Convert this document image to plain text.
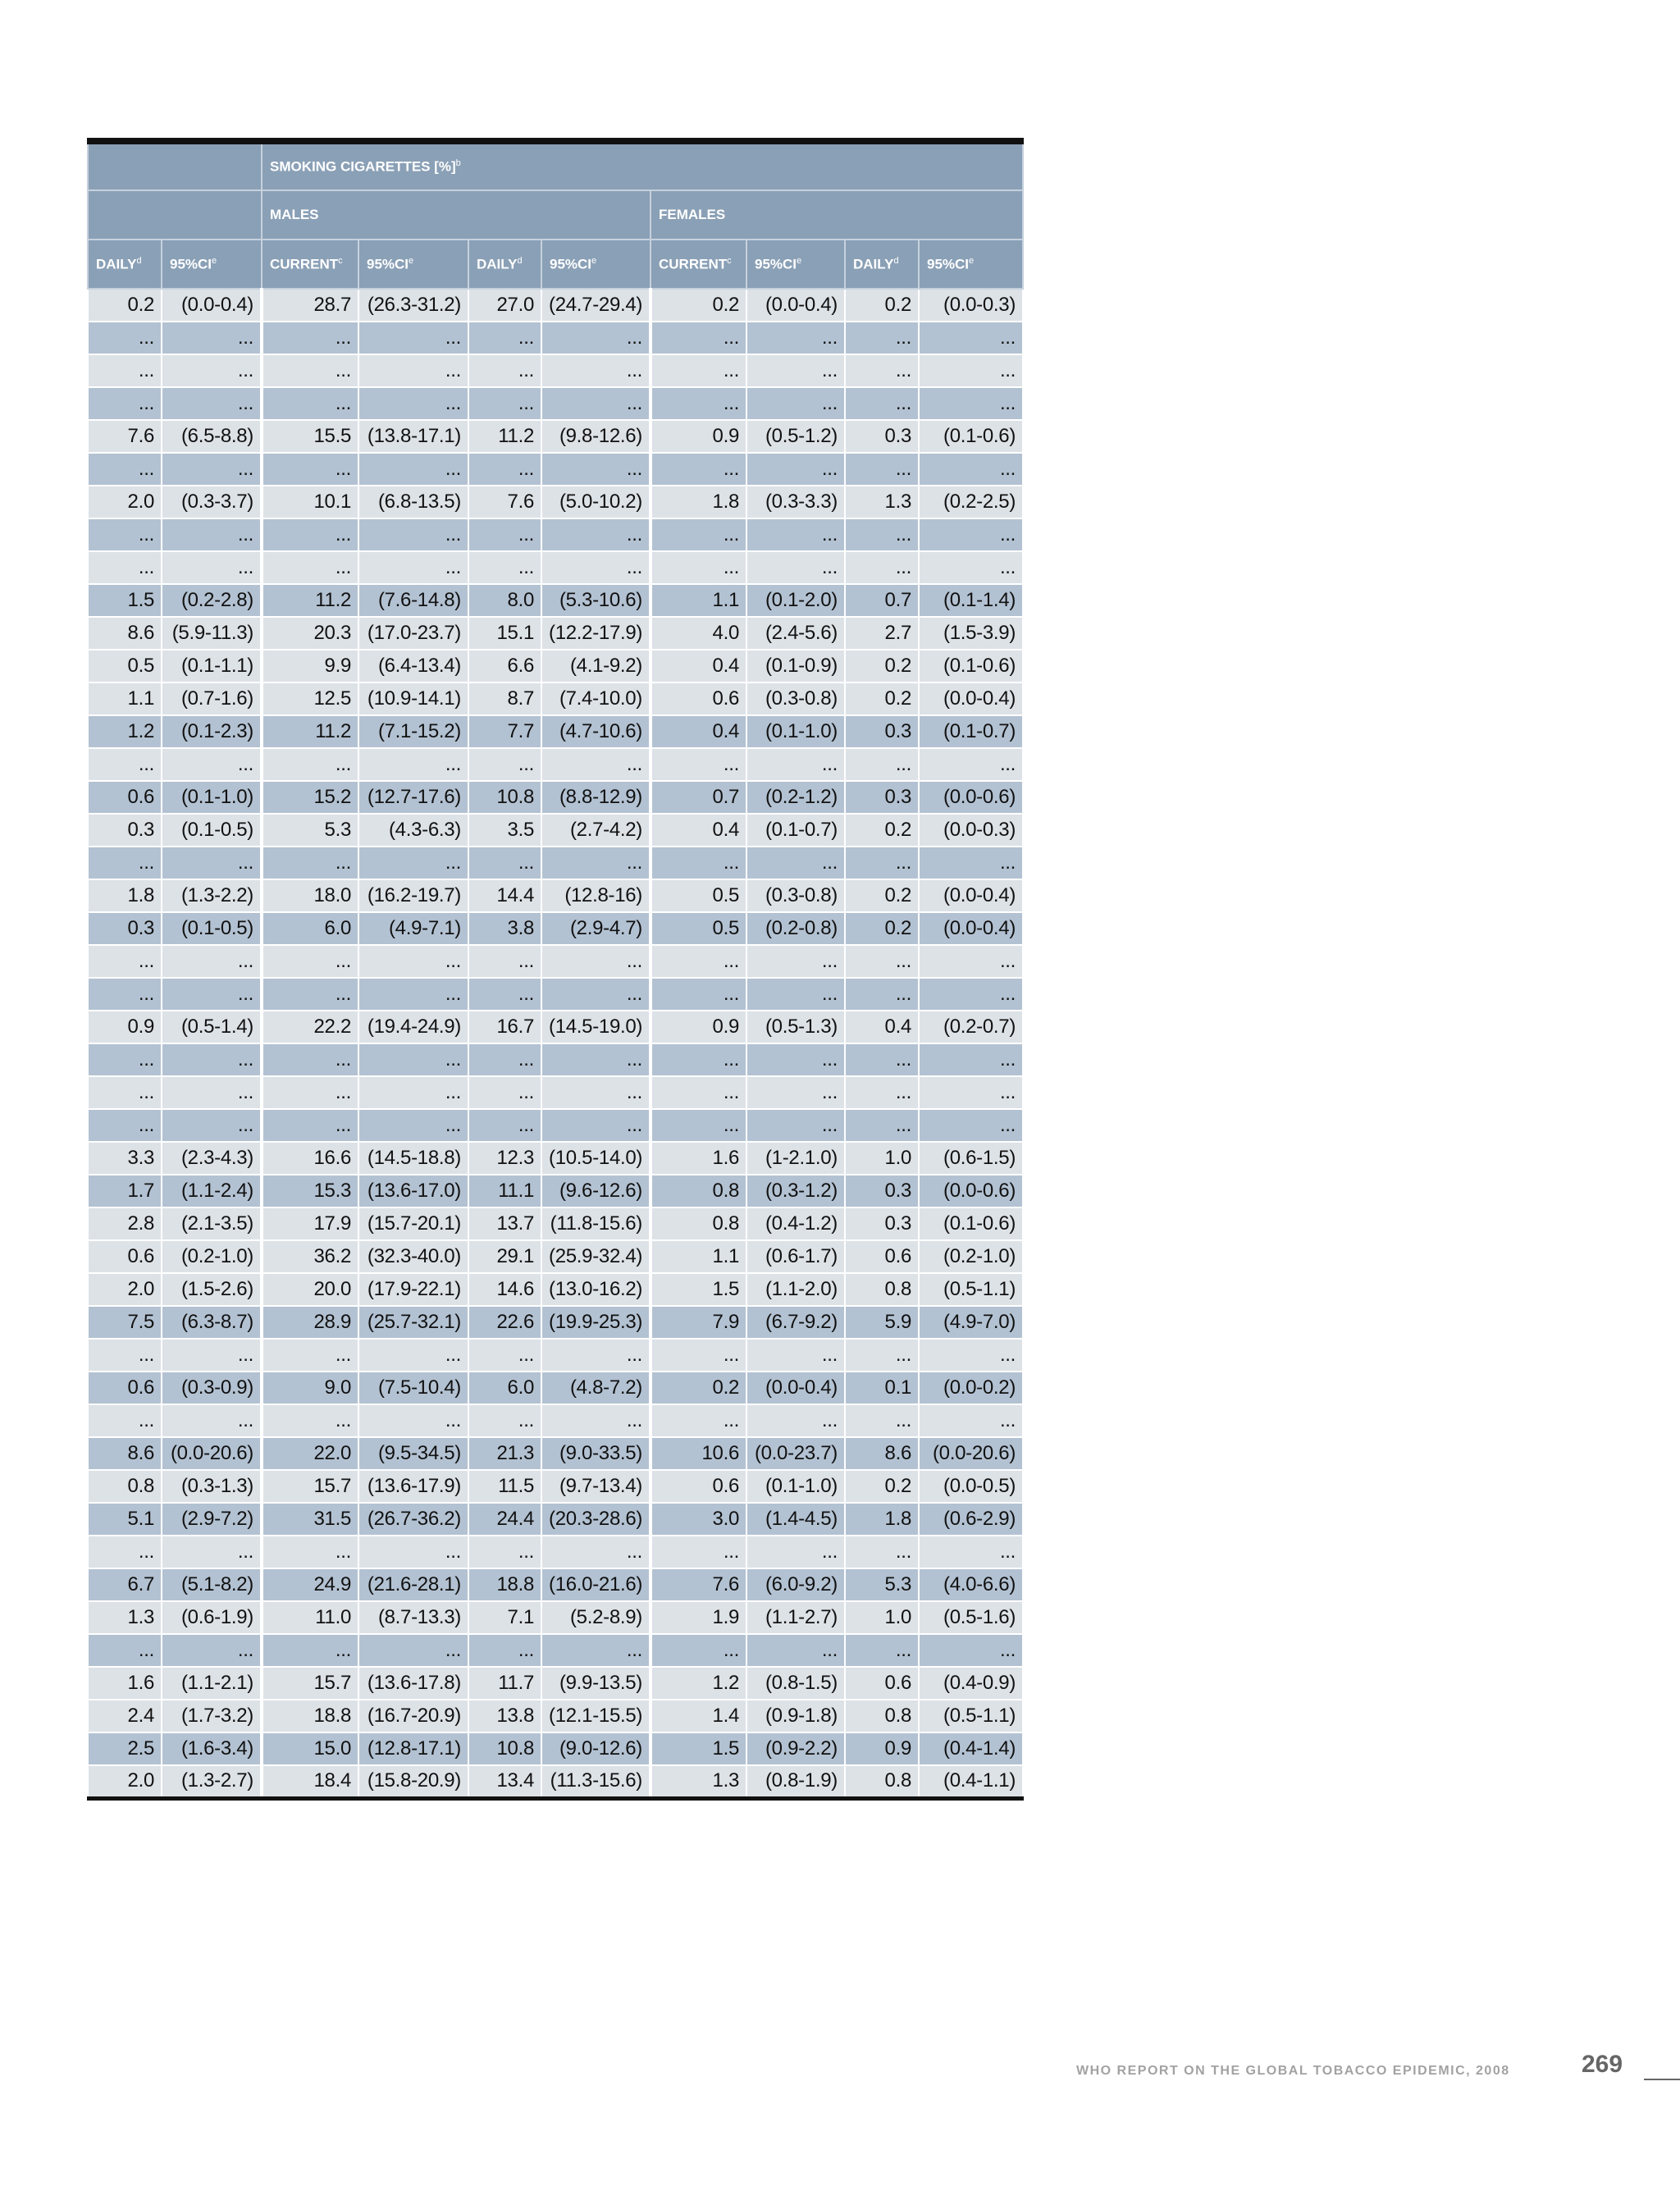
		SMOKING CIGARETTES [%]$^b$
		MALES				FEMALES			
DAILY$^d$	95%CIe	CURRENT$^c$	95%CIe	DAILY$^d$	95%CIe	CURRENT$^c$	95%CIe	DAILY$^d$	95%CIe
0.2	(0.0-0.4)	28.7	(26.3-31.2)	27.0	(24.7-29.4)	0.2	(0.0-0.4)	0.2	(0.0-0.3)
...	...	...	...	...	...	...	...	...	...
...	...	...	...	...	...	...	...	...	...
...	...	...	...	...	...	...	...	...	...
7.6	(6.5-8.8)	15.5	(13.8-17.1)	11.2	(9.8-12.6)	0.9	(0.5-1.2)	0.3	(0.1-0.6)
...	...	...	...	...	...	...	...	...	...
2.0	(0.3-3.7)	10.1	(6.8-13.5)	7.6	(5.0-10.2)	1.8	(0.3-3.3)	1.3	(0.2-2.5)
...	...	...	...	...	...	...	...	...	...
...	...	...	...	...	...	...	...	...	...
1.5	(0.2-2.8)	11.2	(7.6-14.8)	8.0	(5.3-10.6)	1.1	(0.1-2.0)	0.7	(0.1-1.4)
8.6	(5.9-11.3)	20.3	(17.0-23.7)	15.1	(12.2-17.9)	4.0	(2.4-5.6)	2.7	(1.5-3.9)
0.5	(0.1-1.1)	9.9	(6.4-13.4)	6.6	(4.1-9.2)	0.4	(0.1-0.9)	0.2	(0.1-0.6)
1.1	(0.7-1.6)	12.5	(10.9-14.1)	8.7	(7.4-10.0)	0.6	(0.3-0.8)	0.2	(0.0-0.4)
1.2	(0.1-2.3)	11.2	(7.1-15.2)	7.7	(4.7-10.6)	0.4	(0.1-1.0)	0.3	(0.1-0.7)
...	...	...	...	...	...	...	...	...	...
0.6	(0.1-1.0)	15.2	(12.7-17.6)	10.8	(8.8-12.9)	0.7	(0.2-1.2)	0.3	(0.0-0.6)
0.3	(0.1-0.5)	5.3	(4.3-6.3)	3.5	(2.7-4.2)	0.4	(0.1-0.7)	0.2	(0.0-0.3)
...	...	...	...	...	...	...	...	...	...
1.8	(1.3-2.2)	18.0	(16.2-19.7)	14.4	(12.8-16)	0.5	(0.3-0.8)	0.2	(0.0-0.4)
0.3	(0.1-0.5)	6.0	(4.9-7.1)	3.8	(2.9-4.7)	0.5	(0.2-0.8)	0.2	(0.0-0.4)
...	...	...	...	...	...	...	...	...	...
...	...	...	...	...	...	...	...	...	...
0.9	(0.5-1.4)	22.2	(19.4-24.9)	16.7	(14.5-19.0)	0.9	(0.5-1.3)	0.4	(0.2-0.7)
...	...	...	...	...	...	...	...	...	...
...	...	...	...	...	...	...	...	...	...
...	...	...	...	...	...	...	...	...	...
3.3	(2.3-4.3)	16.6	(14.5-18.8)	12.3	(10.5-14.0)	1.6	(1-2.1.0)	1.0	(0.6-1.5)
1.7	(1.1-2.4)	15.3	(13.6-17.0)	11.1	(9.6-12.6)	0.8	(0.3-1.2)	0.3	(0.0-0.6)
2.8	(2.1-3.5)	17.9	(15.7-20.1)	13.7	(11.8-15.6)	0.8	(0.4-1.2)	0.3	(0.1-0.6)
0.6	(0.2-1.0)	36.2	(32.3-40.0)	29.1	(25.9-32.4)	1.1	(0.6-1.7)	0.6	(0.2-1.0)
2.0	(1.5-2.6)	20.0	(17.9-22.1)	14.6	(13.0-16.2)	1.5	(1.1-2.0)	0.8	(0.5-1.1)
7.5	(6.3-8.7)	28.9	(25.7-32.1)	22.6	(19.9-25.3)	7.9	(6.7-9.2)	5.9	(4.9-7.0)
...	...	...	...	...	...	...	...	...	...
0.6	(0.3-0.9)	9.0	(7.5-10.4)	6.0	(4.8-7.2)	0.2	(0.0-0.4)	0.1	(0.0-0.2)
...	...	...	...	...	...	...	...	...	...
8.6	(0.0-20.6)	22.0	(9.5-34.5)	21.3	(9.0-33.5)	10.6	(0.0-23.7)	8.6	(0.0-20.6)
0.8	(0.3-1.3)	15.7	(13.6-17.9)	11.5	(9.7-13.4)	0.6	(0.1-1.0)	0.2	(0.0-0.5)
5.1	(2.9-7.2)	31.5	(26.7-36.2)	24.4	(20.3-28.6)	3.0	(1.4-4.5)	1.8	(0.6-2.9)
...	...	...	...	...	...	...	...	...	...
6.7	(5.1-8.2)	24.9	(21.6-28.1)	18.8	(16.0-21.6)	7.6	(6.0-9.2)	5.3	(4.0-6.6)
1.3	(0.6-1.9)	11.0	(8.7-13.3)	7.1	(5.2-8.9)	1.9	(1.1-2.7)	1.0	(0.5-1.6)
...	...	...	...	...	...	...	...	...	...
1.6	(1.1-2.1)	15.7	(13.6-17.8)	11.7	(9.9-13.5)	1.2	(0.8-1.5)	0.6	(0.4-0.9)
2.4	(1.7-3.2)	18.8	(16.7-20.9)	13.8	(12.1-15.5)	1.4	(0.9-1.8)	0.8	(0.5-1.1)
2.5	(1.6-3.4)	15.0	(12.8-17.1)	10.8	(9.0-12.6)	1.5	(0.9-2.2)	0.9	(0.4-1.4)
2.0	(1.3-2.7)	18.4	(15.8-20.9)	13.4	(11.3-15.6)	1.3	(0.8-1.9)	0.8	(0.4-1.1)
WHO REPORT ON THE GLOBAL TOBACCO EPIDEMIC, 2008	269
